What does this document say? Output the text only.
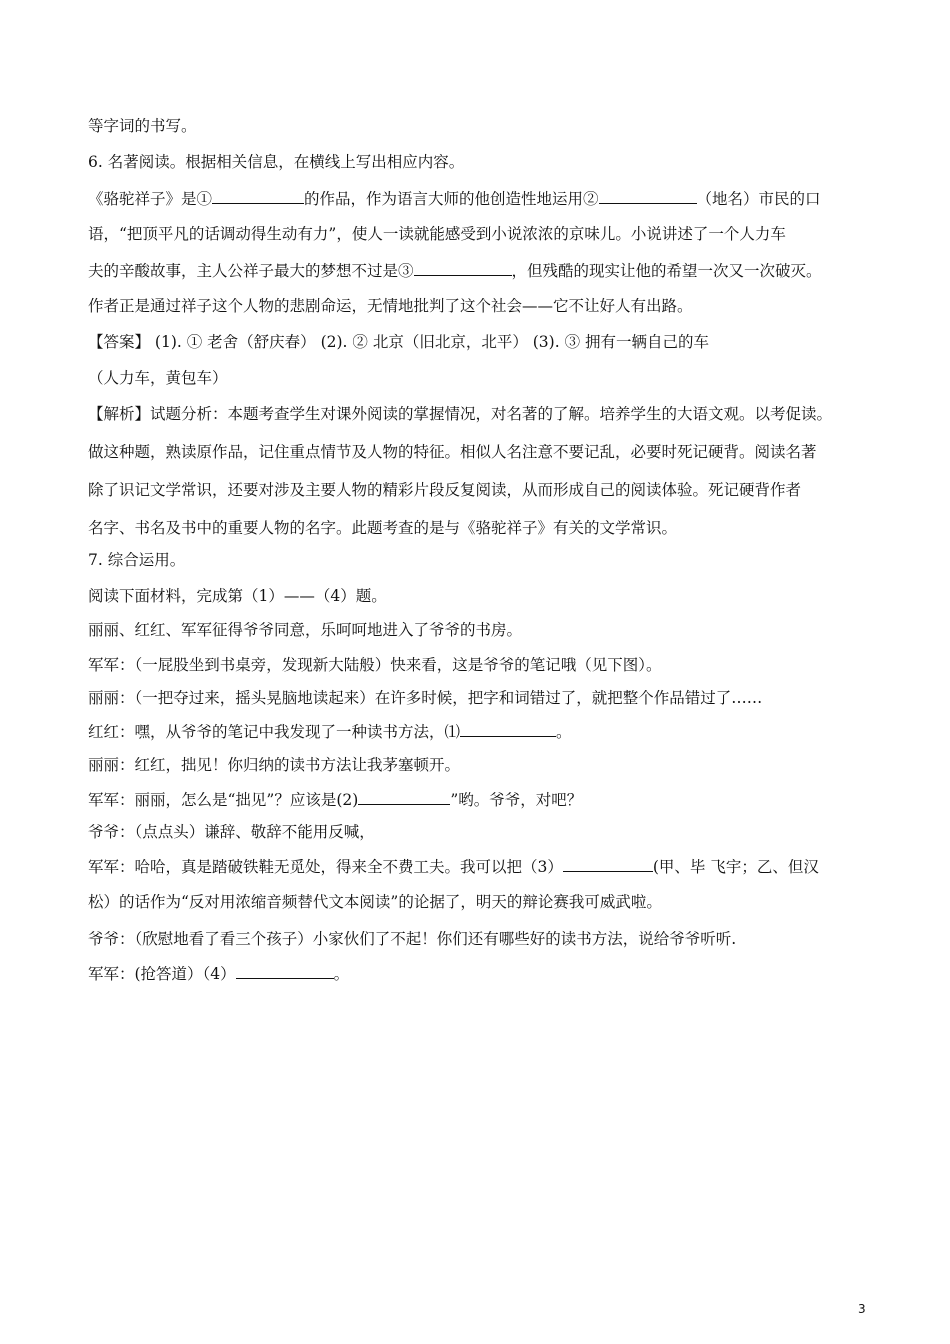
等字词的书写。
6. 名著阅读。根据相关信息，在横线上写出相应内容。
《骆驼祥子》是①	的作品，作为语言大师的他创造性地运用②	（地名）市民的口
语，“把顶平凡的话调动得生动有力”，使人一读就能感受到小说浓浓的京味儿。小说讲述了一个人力车
夫的辛酸故事，主人公祥子最大的梦想不过是③	，但残酷的现实让他的希望一次又一次破灭。
作者正是通过祥子这个人物的悲剧命运，无情地批判了这个社会——它不让好人有出路。
【答案】 (1). ① 老舍（舒庆春） (2). ② 北京（旧北京，北平） (3). ③ 拥有一辆自己的车
（人力车，黄包车）
【解析】试题分析：本题考查学生对课外阅读的掌握情况，对名著的了解。培养学生的大语文观。以考促读。
做这种题，熟读原作品，记住重点情节及人物的特征。相似人名注意不要记乱，必要时死记硬背。阅读名著
除了识记文学常识，还要对涉及主要人物的精彩片段反复阅读，从而形成自己的阅读体验。死记硬背作者
名字、书名及书中的重要人物的名字。此题考查的是与《骆驼祥子》有关的文学常识。
7. 综合运用。
阅读下面材料，完成第（1）——（4）题。
丽丽、红红、军军征得爷爷同意，乐呵呵地进入了爷爷的书房。
军军：（一屁股坐到书桌旁，发现新大陆般）快来看，这是爷爷的笔记哦（见下图）。
丽丽：（一把夺过来，摇头晃脑地读起来）在许多时候，把字和词错过了，就把整个作品错过了……
红红：嘿，从爷爷的笔记中我发现了一种读书方法，⑴	。
丽丽：红红，拙见！你归纳的读书方法让我茅塞顿开。
军军：丽丽，怎么是“拙见”？应该是(2)	”哟。爷爷，对吧？
爷爷：（点点头）谦辞、敬辞不能用反喊，
军军：哈哈，真是踏破铁鞋无觅处，得来全不费工夫。我可以把（3）	(甲、毕 飞宇；乙、但汉
松）的话作为“反对用浓缩音频替代文本阅读”的论据了，明天的辩论赛我可威武啦。
爷爷：（欣慰地看了看三个孩子）小家伙们了不起！你们还有哪些好的读书方法，说给爷爷听听.
军军：(抢答道）（4）	。
3
